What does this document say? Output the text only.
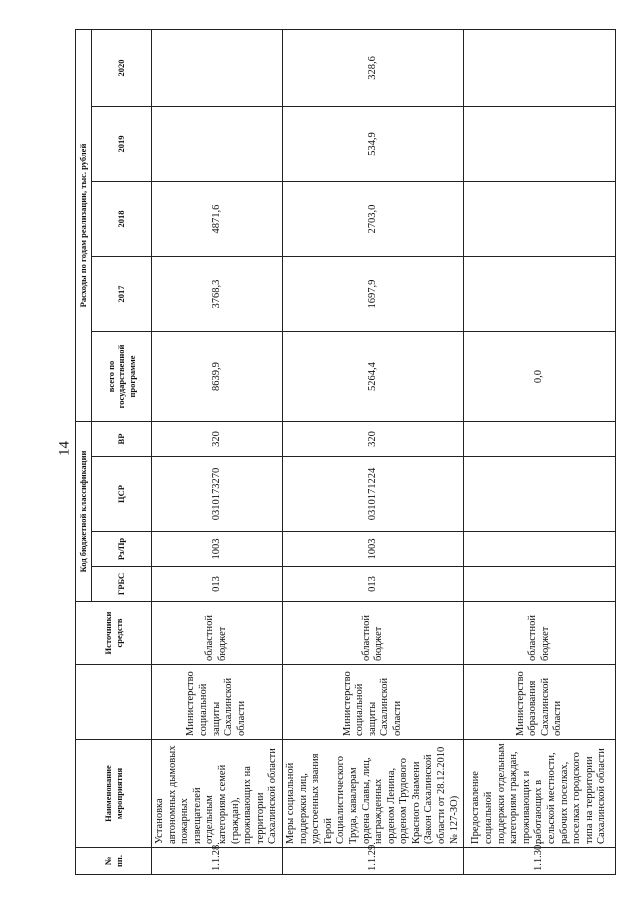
14
№
пп.	Наименование мероприятия		Источники средств	Код бюджетной классификации				Расходы по годам реализации, тыс. рублей				
				ГРБС	Рз/Пр	ЦСР	ВР	всего по государственной программе	2017	2018	2019	2020
1.1.28.	Установка автономных дымовых пожарных извещателей отдельным категориям семей (граждан), проживающих на территории Сахалинской области	Министерство социальной защиты Сахалинской области	областной бюджет	013	1003	0310173270	320	8639,9	3768,3	4871,6		
1.1.29.	Меры социальной поддержки лиц, удостоенных звания Герой Социалистического Труда, кавалерам ордена Славы, лиц, награжденных орденом Ленина, орденом Трудового Красного Знамени (Закон Сахалинской области от 28.12.2010 № 127-ЗО)	Министерство социальной защиты Сахалинской области	областной бюджет	013	1003	0310171224	320	5264,4	1697,9	2703,0	534,9	328,6
1.1.30.	Предоставление социальной поддержки отдельным категориям граждан, проживающих и работающих в сельской местности, рабочих поселках, поселках городского типа на территории Сахалинской области	Министерство образования Сахалинской области	областной бюджет					0,0				
